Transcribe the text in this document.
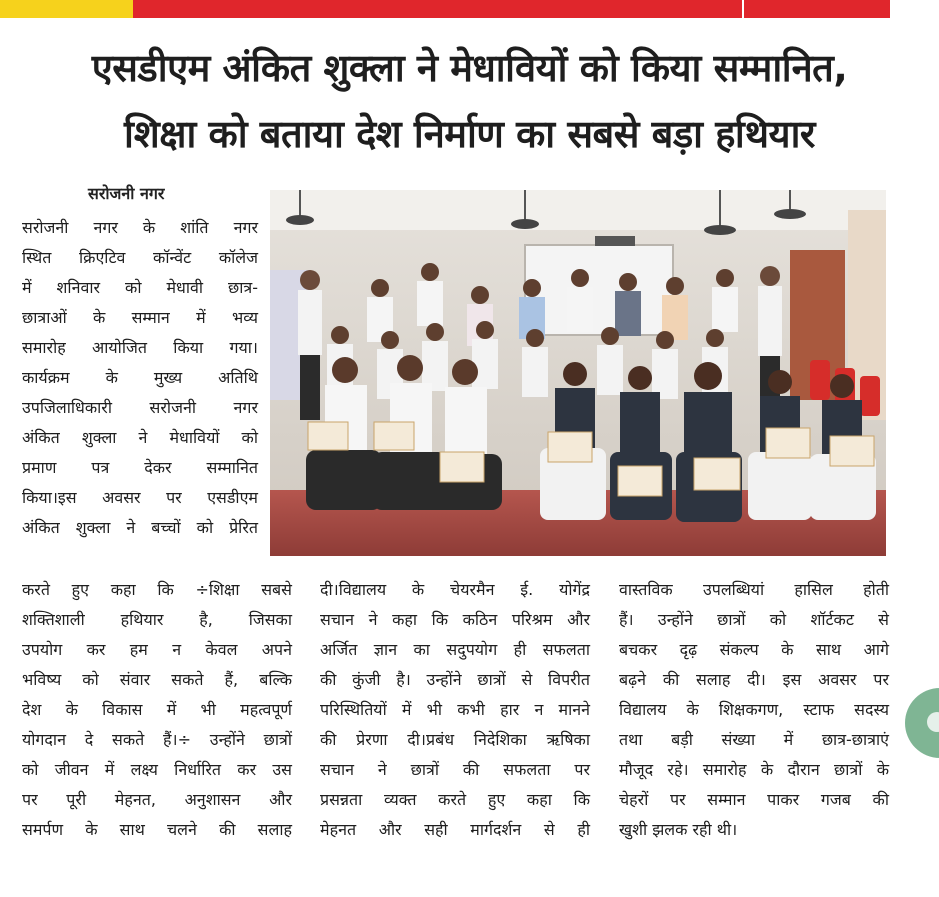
एसडीएम अंकित शुक्ला ने मेधावियों को किया सम्मानित,
शिक्षा को बताया देश निर्माण का सबसे बड़ा हथियार
सरोजनी नगर

सरोजनी नगर के शांति नगर

स्थित क्रिएटिव कॉन्वेंट कॉलेज

में शनिवार को मेधावी छात्र-

छात्राओं के सम्मान में भव्य

समारोह आयोजित किया गया।

कार्यक्रम के मुख्य अतिथि

उपजिलाधिकारी सरोजनी नगर

अंकित शुक्ला ने मेधावियों को

प्रमाण पत्र देकर सम्मानित

किया।इस अवसर पर एसडीएम

अंकित शुक्ला ने बच्चों को प्रेरित

करते हुए कहा कि ÷शिक्षा सबसे

शक्तिशाली हथियार है, जिसका

उपयोग कर हम न केवल अपने

भविष्य को संवार सकते हैं, बल्कि

देश के विकास में भी महत्वपूर्ण

योगदान दे सकते हैं।÷ उन्होंने छात्रों

को जीवन में लक्ष्य निर्धारित कर उस

पर पूरी मेहनत, अनुशासन और

समर्पण के साथ चलने की सलाह

दी।विद्यालय के चेयरमैन ई. योगेंद्र

सचान ने कहा कि कठिन परिश्रम और

अर्जित ज्ञान का सदुपयोग ही सफलता

की कुंजी है। उन्होंने छात्रों से विपरीत

परिस्थितियों में भी कभी हार न मानने

की प्रेरणा दी।प्रबंध निदेशिका ऋषिका

सचान ने छात्रों की सफलता पर

प्रसन्नता व्यक्त करते हुए कहा कि

मेहनत और सही मार्गदर्शन से ही

वास्तविक उपलब्धियां हासिल होती

हैं। उन्होंने छात्रों को शॉर्टकट से

बचकर दृढ़ संकल्प के साथ आगे

बढ़ने की सलाह दी। इस अवसर पर

विद्यालय के शिक्षकगण, स्टाफ सदस्य

तथा बड़ी संख्या में छात्र-छात्राएं

मौजूद रहे। समारोह के दौरान छात्रों के

चेहरों पर सम्मान पाकर गजब की

खुशी झलक रही थी।
